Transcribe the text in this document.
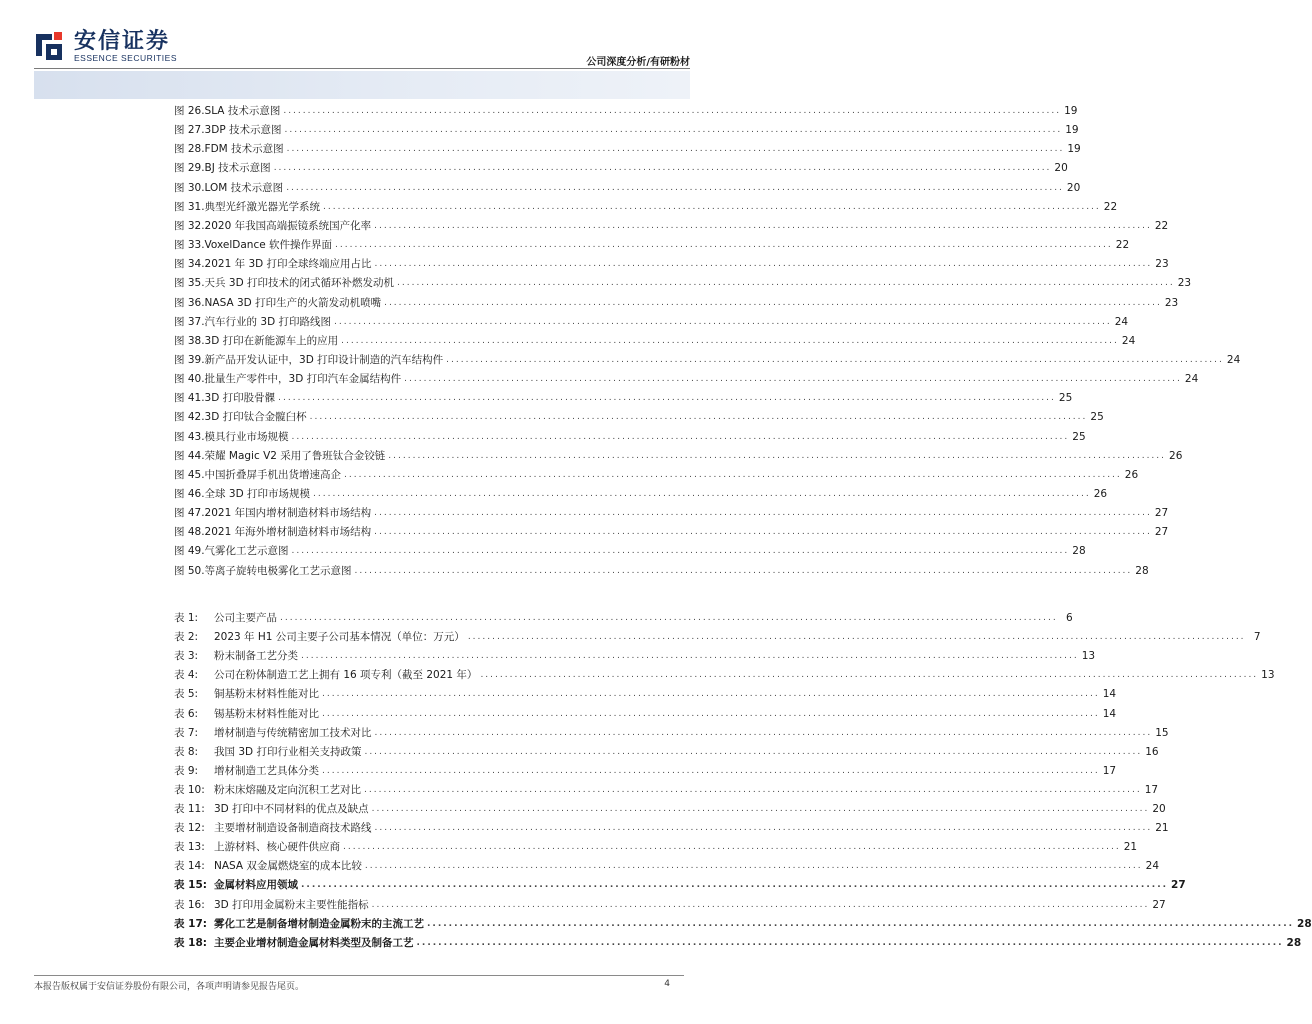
安信证券
ESSENCE SECURITIES	公司深度分析/有研粉材
图 26. SLA 技术示意图 .....	19
图 27. 3DP 技术示意图 .....	19
图 28. FDM 技术示意图 .....	19
图 29. BJ 技术示意图 .....	20
图 30. LOM 技术示意图 .....	20
图 31. 典型光纤激光器光学系统 .....	22
图 32. 2020 年我国高端振镜系统国产化率 .....	22
图 33. VoxelDance 软件操作界面 .....	22
图 34. 2021 年 3D 打印全球终端应用占比 .....	23
图 35. 天兵 3D 打印技术的闭式循环补燃发动机 .....	23
图 36. NASA 3D 打印生产的火箭发动机喷嘴 .....	23
图 37. 汽车行业的 3D 打印路线图 .....	24
图 38. 3D 打印在新能源车上的应用 .....	24
图 39. 新产品开发认证中，3D 打印设计制造的汽车结构件 .....	24
图 40. 批量生产零件中，3D 打印汽车金属结构件 .....	24
图 41. 3D 打印股骨髁 .....	25
图 42. 3D 打印钛合金髋臼杯 .....	25
图 43. 模具行业市场规模 .....	25
图 44. 荣耀 Magic V2 采用了鲁班钛合金铰链 .....	26
图 45. 中国折叠屏手机出货增速高企 .....	26
图 46. 全球 3D 打印市场规模 .....	26
图 47. 2021 年国内增材制造材料市场结构 .....	27
图 48. 2021 年海外增材制造材料市场结构 .....	27
图 49. 气雾化工艺示意图 .....	28
图 50. 等离子旋转电极雾化工艺示意图 .....	28
表 1:	公司主要产品 .....	6
表 2:	2023 年 H1 公司主要子公司基本情况（单位：万元） .....	7
表 3:	粉末制备工艺分类 .....	13
表 4:	公司在粉体制造工艺上拥有 16 项专利（截至 2021 年） .....	13
表 5:	铜基粉末材料性能对比 .....	14
表 6:	锡基粉末材料性能对比 .....	14
表 7:	增材制造与传统精密加工技术对比 .....	15
表 8:	我国 3D 打印行业相关支持政策 .....	16
表 9:	增材制造工艺具体分类 .....	17
表 10: 粉末床熔融及定向沉积工艺对比 .....	17
表 11: 3D 打印中不同材料的优点及缺点 .....	20
表 12: 主要增材制造设备制造商技术路线 .....	21
表 13: 上游材料、核心硬件供应商 .....	21
表 14: NASA 双金属燃烧室的成本比较 .....	24
表 15: 金属材料应用领域 .....	27
表 16: 3D 打印用金属粉末主要性能指标 .....	27
表 17: 雾化工艺是制备增材制造金属粉末的主流工艺 .....	28
表 18: 主要企业增材制造金属材料类型及制备工艺 .....	28
本报告版权属于安信证券股份有限公司，各项声明请参见报告尾页。	4
